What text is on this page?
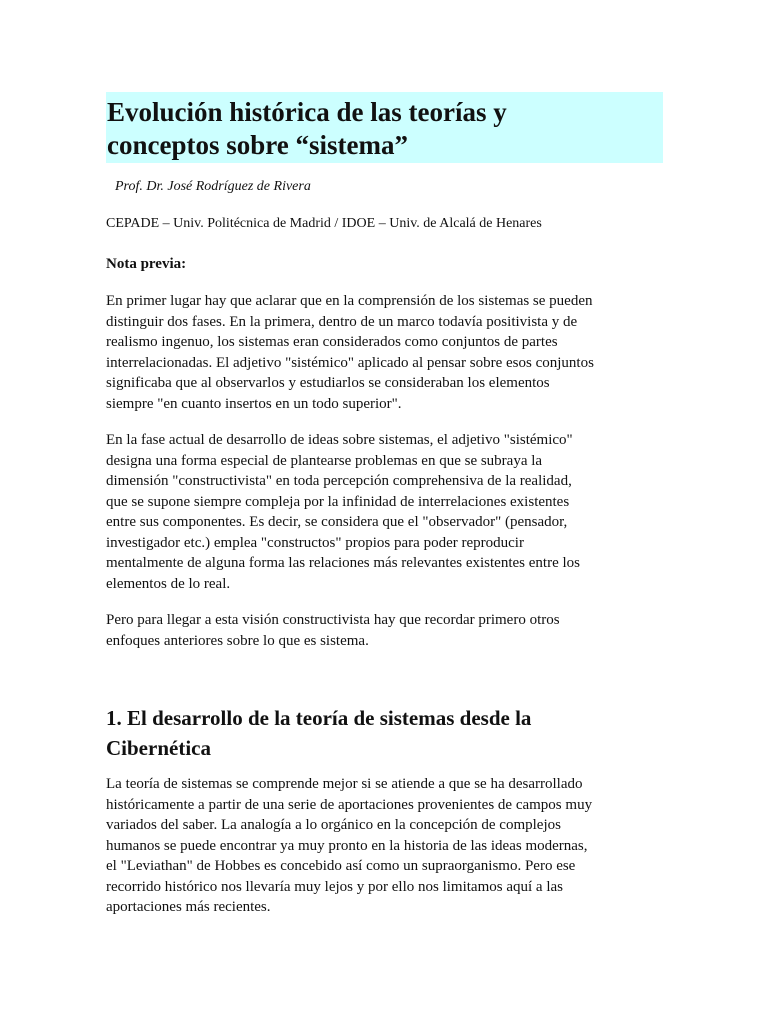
Evolución histórica de las teorías y
conceptos sobre “sistema”
Prof. Dr. José Rodríguez de Rivera
CEPADE – Univ. Politécnica de Madrid / IDOE – Univ. de Alcalá de Henares
Nota previa:
En primer lugar hay que aclarar que en la comprensión de los sistemas se pueden
distinguir dos fases. En la primera, dentro de un marco todavía positivista y de
realismo ingenuo, los sistemas eran considerados como conjuntos de partes
interrelacionadas. El adjetivo "sistémico" aplicado al pensar sobre esos conjuntos
significaba que al observarlos y estudiarlos se consideraban los elementos
siempre "en cuanto insertos en un todo superior".
En la fase actual de desarrollo de ideas sobre sistemas, el adjetivo "sistémico"
designa una forma especial de plantearse problemas en que se subraya la
dimensión "constructivista" en toda percepción comprehensiva de la realidad,
que se supone siempre compleja por la infinidad de interrelaciones existentes
entre sus componentes. Es decir, se considera que el "observador" (pensador,
investigador etc.) emplea "constructos" propios para poder reproducir
mentalmente de alguna forma las relaciones más relevantes existentes entre los
elementos de lo real.
Pero para llegar a esta visión constructivista hay que recordar primero otros
enfoques anteriores sobre lo que es sistema.
1. El desarrollo de la teoría de sistemas desde la
Cibernética
La teoría de sistemas se comprende mejor si se atiende a que se ha desarrollado
históricamente a partir de una serie de aportaciones provenientes de campos muy
variados del saber. La analogía a lo orgánico en la concepción de complejos
humanos se puede encontrar ya muy pronto en la historia de las ideas modernas,
el "Leviathan" de Hobbes es concebido así como un supraorganismo. Pero ese
recorrido histórico nos llevaría muy lejos y por ello nos limitamos aquí a las
aportaciones más recientes.
